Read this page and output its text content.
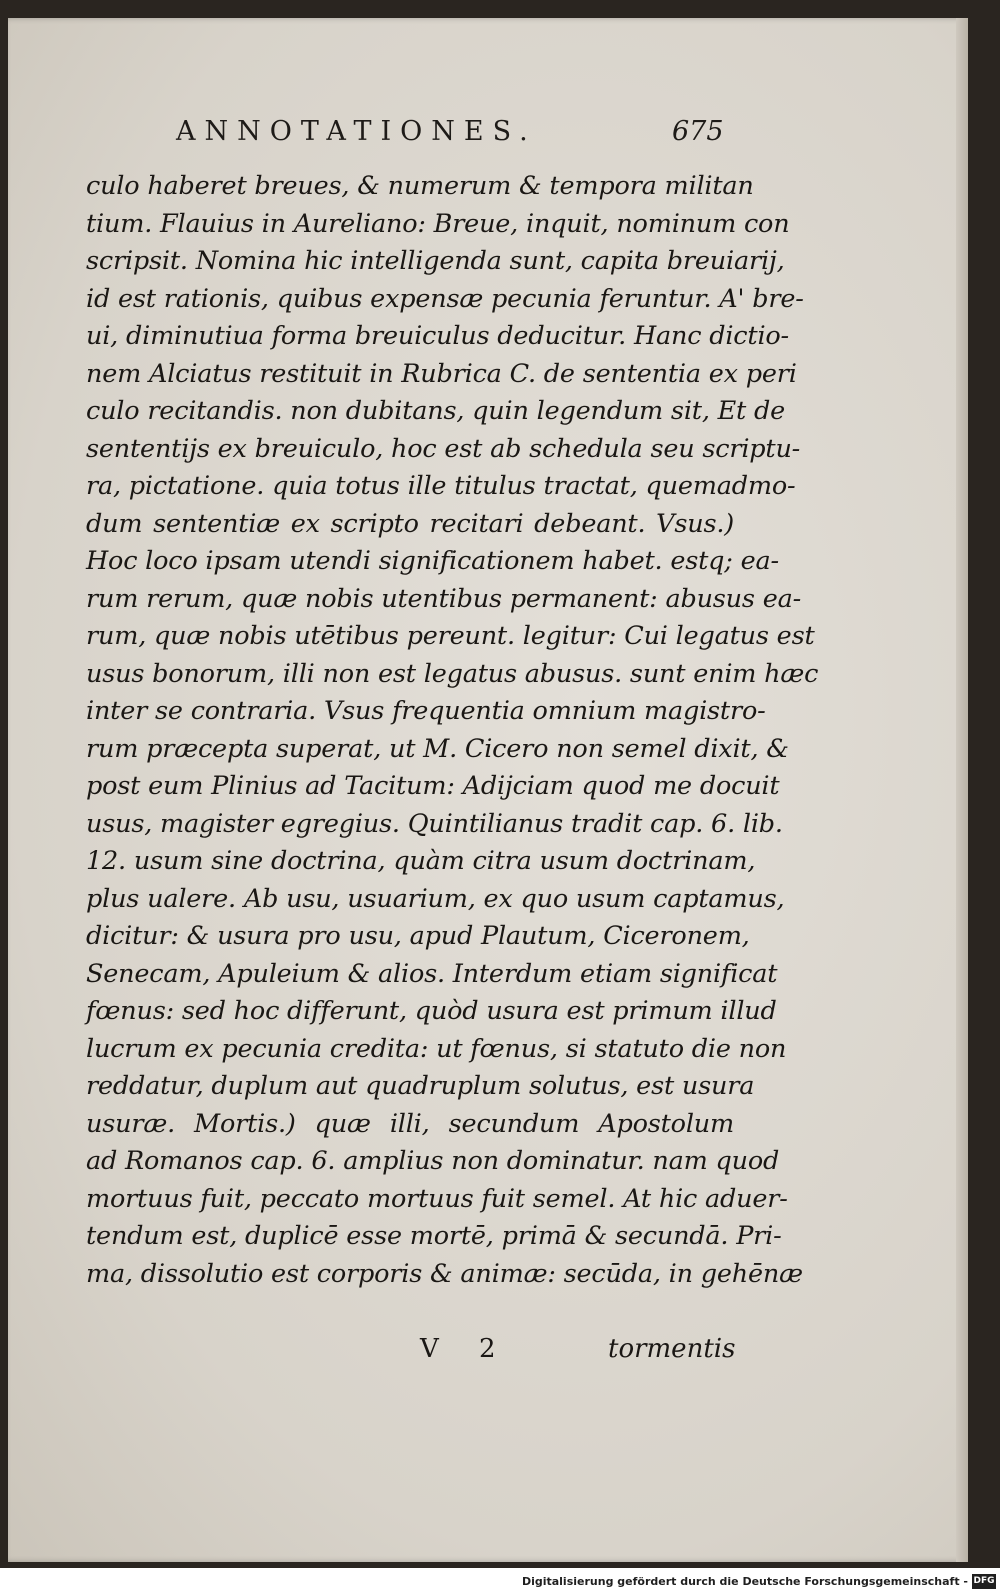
ANNOTATIONES.	675
culo haberet breues, & numerum & tempora militan
tium. Flauius in Aureliano: Breue, inquit, nominum con
scripsit. Nomina hic intelligenda sunt, capita breuiarij,
id est rationis, quibus expensæ pecunia feruntur. A' bre-
ui, diminutiua forma breuiculus deducitur. Hanc dictio-
nem Alciatus restituit in Rubrica C. de sententia ex peri
culo recitandis. non dubitans, quin legendum sit, Et de
sententijs ex breuiculo, hoc est ab schedula seu scriptu-
ra, pictatione. quia totus ille titulus tractat, quemadmo-
dum sententiæ ex scripto recitari debeant. Vsus.)
Hoc loco ipsam utendi significationem habet. estq; ea-
rum rerum, quæ nobis utentibus permanent: abusus ea-
rum, quæ nobis utētibus pereunt. legitur: Cui legatus est
usus bonorum, illi non est legatus abusus. sunt enim hæc
inter se contraria. Vsus frequentia omnium magistro-
rum præcepta superat, ut M. Cicero non semel dixit, &
post eum Plinius ad Tacitum: Adijciam quod me docuit
usus, magister egregius. Quintilianus tradit cap. 6. lib.
12. usum sine doctrina, quàm citra usum doctrinam,
plus ualere. Ab usu, usuarium, ex quo usum captamus,
dicitur: & usura pro usu, apud Plautum, Ciceronem,
Senecam, Apuleium & alios. Interdum etiam significat
fœnus: sed hoc differunt, quòd usura est primum illud
lucrum ex pecunia credita: ut fœnus, si statuto die non
reddatur, duplum aut quadruplum solutus, est usura
usuræ. Mortis.) quæ illi, secundum Apostolum
ad Romanos cap. 6. amplius non dominatur. nam quod
mortuus fuit, peccato mortuus fuit semel. At hic aduer-
tendum est, duplicē esse mortē, primā & secundā. Pri-
ma, dissolutio est corporis & animæ: secūda, in gehēnæ
V 2	tormentis
Digitalisierung gefördert durch die Deutsche Forschungsgemeinschaft - DFG
